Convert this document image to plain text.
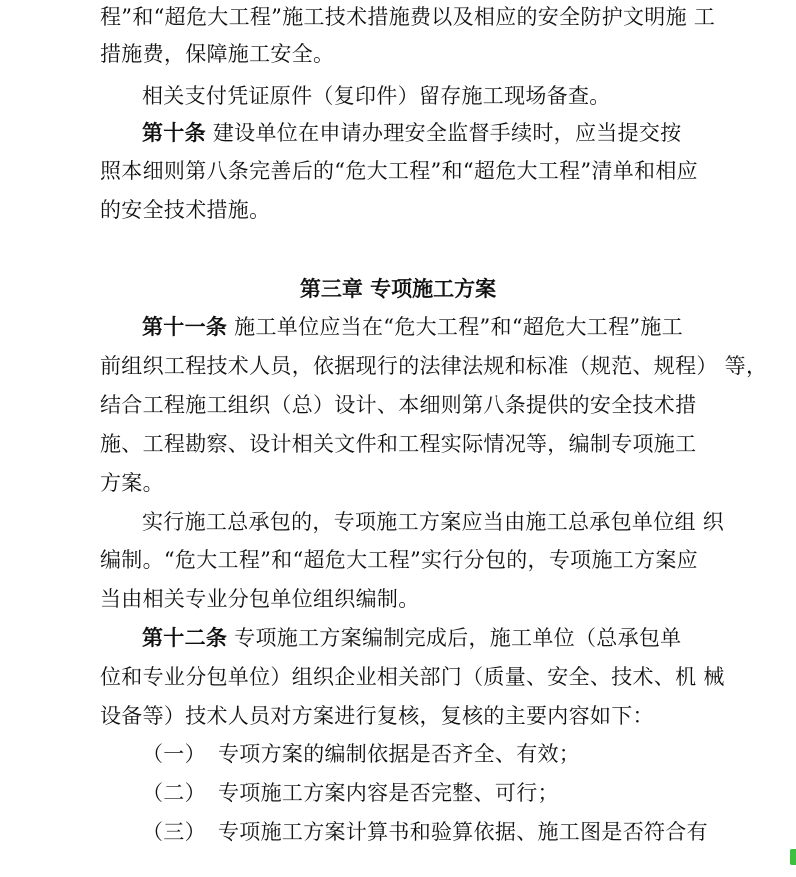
程”和“超危大工程”施工技术措施费以及相应的安全防护文明施 工
措施费，保障施工安全。
相关支付凭证原件（复印件）留存施工现场备查。
第十条 建设单位在申请办理安全监督手续时，应当提交按
照本细则第八条完善后的“危大工程”和“超危大工程”清单和相应
的安全技术措施。
第三章 专项施工方案
第十一条 施工单位应当在“危大工程”和“超危大工程”施工
前组织工程技术人员，依据现行的法律法规和标准（规范、规程） 等，
结合工程施工组织（总）设计、本细则第八条提供的安全技术措
施、工程勘察、设计相关文件和工程实际情况等，编制专项施工
方案。
实行施工总承包的，专项施工方案应当由施工总承包单位组 织
编制。“危大工程”和“超危大工程”实行分包的，专项施工方案应
当由相关专业分包单位组织编制。
第十二条 专项施工方案编制完成后，施工单位（总承包单
位和专业分包单位）组织企业相关部门（质量、安全、技术、机 械
设备等）技术人员对方案进行复核，复核的主要内容如下：
（一） 专项方案的编制依据是否齐全、有效；
（二） 专项施工方案内容是否完整、可行；
（三） 专项施工方案计算书和验算依据、施工图是否符合有
